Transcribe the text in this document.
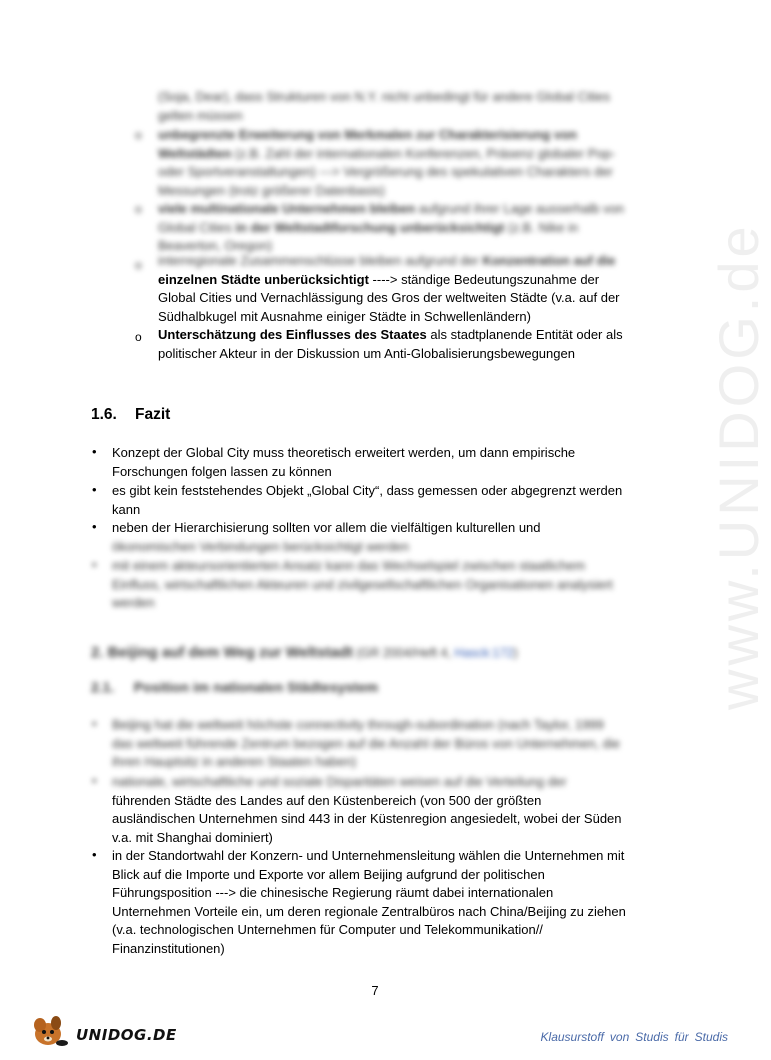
www.UNIDOG.de
(Soja, Dear), dass Strukturen von N.Y. nicht unbedingt für andere Global Cities
gelten müssen
o unbegrenzte Erweiterung von Merkmalen zur Charakterisierung von
Weltstädten (z.B. Zahl der internationalen Konferenzen, Präsenz globaler Pop-
oder Sportveranstaltungen) ---> Vergrößerung des spekulativen Charakters der
Messungen (trotz größerer Datenbasis)
o viele multinationale Unternehmen bleiben aufgrund ihrer Lage ausserhalb von
Global Cities in der Weltstadtforschung unberücksichtigt (z.B. Nike in
Beaverton, Oregon)
o interregionale Zusammenschlüsse bleiben aufgrund der Konzentration auf die
einzelnen Städte unberücksichtigt ----> ständige Bedeutungszunahme der
Global Cities und Vernachlässigung des Gros der weltweiten Städte (v.a. auf der
Südhalbkugel mit Ausnahme einiger Städte in Schwellenländern)
o Unterschätzung des Einflusses des Staates als stadtplanende Entität oder als
politischer Akteur in der Diskussion um Anti-Globalisierungsbewegungen
1.6. Fazit
• Konzept der Global City muss theoretisch erweitert werden, um dann empirische
Forschungen folgen lassen zu können
• es gibt kein feststehendes Objekt „Global City“, dass gemessen oder abgegrenzt werden
kann
• neben der Hierarchisierung sollten vor allem die vielfältigen kulturellen und
ökonomischen Verbindungen berücksichtigt werden
• mit einem akteursorientierten Ansatz kann das Wechselspiel zwischen staatlichem
Einfluss, wirtschaftlichen Akteuren und zivilgesellschaftlichen Organisationen analysiert
werden
2. Beijing auf dem Weg zur Weltstadt (GR 2004/Heft 4, Hasck:172)
2.1.     Position im nationalen Städtesystem
• Beijing hat die weltweit höchste connectivity through-subordination (nach Taylor, 1999
das weltweit führende Zentrum bezogen auf die Anzahl der Büros von Unternehmen, die
ihren Hauptsitz in anderen Staaten haben)
• nationale, wirtschaftliche und soziale Disparitäten weisen auf die Verteilung der
führenden Städte des Landes auf den Küstenbereich (von 500 der größten
ausländischen Unternehmen sind 443 in der Küstenregion angesiedelt, wobei der Süden
v.a. mit Shanghai dominiert)
• in der Standortwahl der Konzern- und Unternehmensleitung wählen die Unternehmen mit
Blick auf die Importe und Exporte vor allem Beijing aufgrund der politischen
Führungsposition ---> die chinesische Regierung räumt dabei internationalen
Unternehmen Vorteile ein, um deren regionale Zentralbüros nach China/Beijing zu ziehen
(v.a. technologischen Unternehmen für Computer und Telekommunikation//
Finanzinstitutionen)
7
UNIDOG.DE	Klausurstoff von Studis für Studis
